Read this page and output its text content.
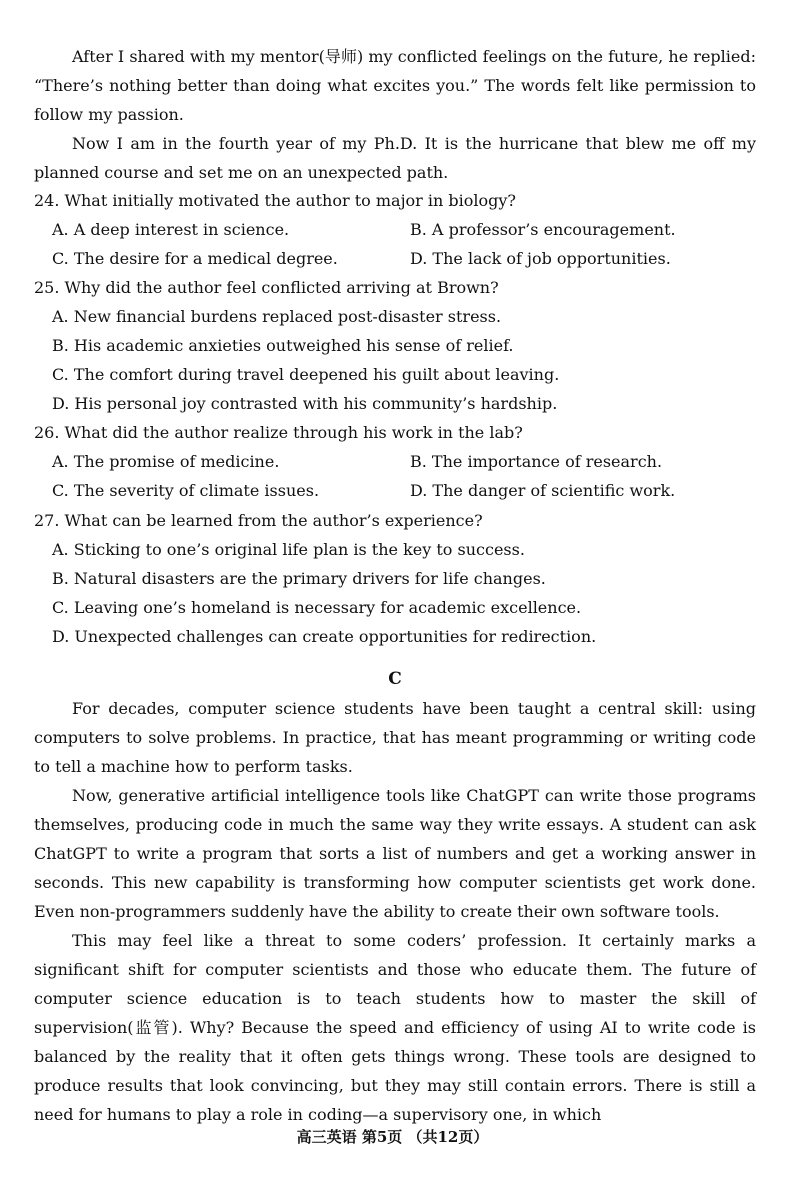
After I shared with my mentor(导师) my conflicted feelings on the future, he replied: “There’s nothing better than doing what excites you.” The words felt like permission to follow my passion.

Now I am in the fourth year of my Ph.D. It is the hurricane that blew me off my planned course and set me on an unexpected path.

24. What initially motivated the author to major in biology?

A. A deep interest in science.	B. A professor’s encouragement.
C. The desire for a medical degree.	D. The lack of job opportunities.

25. Why did the author feel conflicted arriving at Brown?

A. New financial burdens replaced post-disaster stress.

B. His academic anxieties outweighed his sense of relief.

C. The comfort during travel deepened his guilt about leaving.

D. His personal joy contrasted with his community’s hardship.

26. What did the author realize through his work in the lab?

A. The promise of medicine.	B. The importance of research.
C. The severity of climate issues.	D. The danger of scientific work.

27. What can be learned from the author’s experience?

A. Sticking to one’s original life plan is the key to success.

B. Natural disasters are the primary drivers for life changes.

C. Leaving one’s homeland is necessary for academic excellence.

D. Unexpected challenges can create opportunities for redirection.

C

For decades, computer science students have been taught a central skill: using computers to solve problems. In practice, that has meant programming or writing code to tell a machine how to perform tasks.

Now, generative artificial intelligence tools like ChatGPT can write those programs themselves, producing code in much the same way they write essays. A student can ask ChatGPT to write a program that sorts a list of numbers and get a working answer in seconds. This new capability is transforming how computer scientists get work done. Even non-programmers suddenly have the ability to create their own software tools.

This may feel like a threat to some coders’ profession. It certainly marks a significant shift for computer scientists and those who educate them. The future of computer science education is to teach students how to master the skill of supervision(监管). Why? Because the speed and efficiency of using AI to write code is balanced by the reality that it often gets things wrong. These tools are designed to produce results that look convincing, but they may still contain errors. There is still a need for humans to play a role in coding—a supervisory one, in which

高三英语 第5页 （共12页）
